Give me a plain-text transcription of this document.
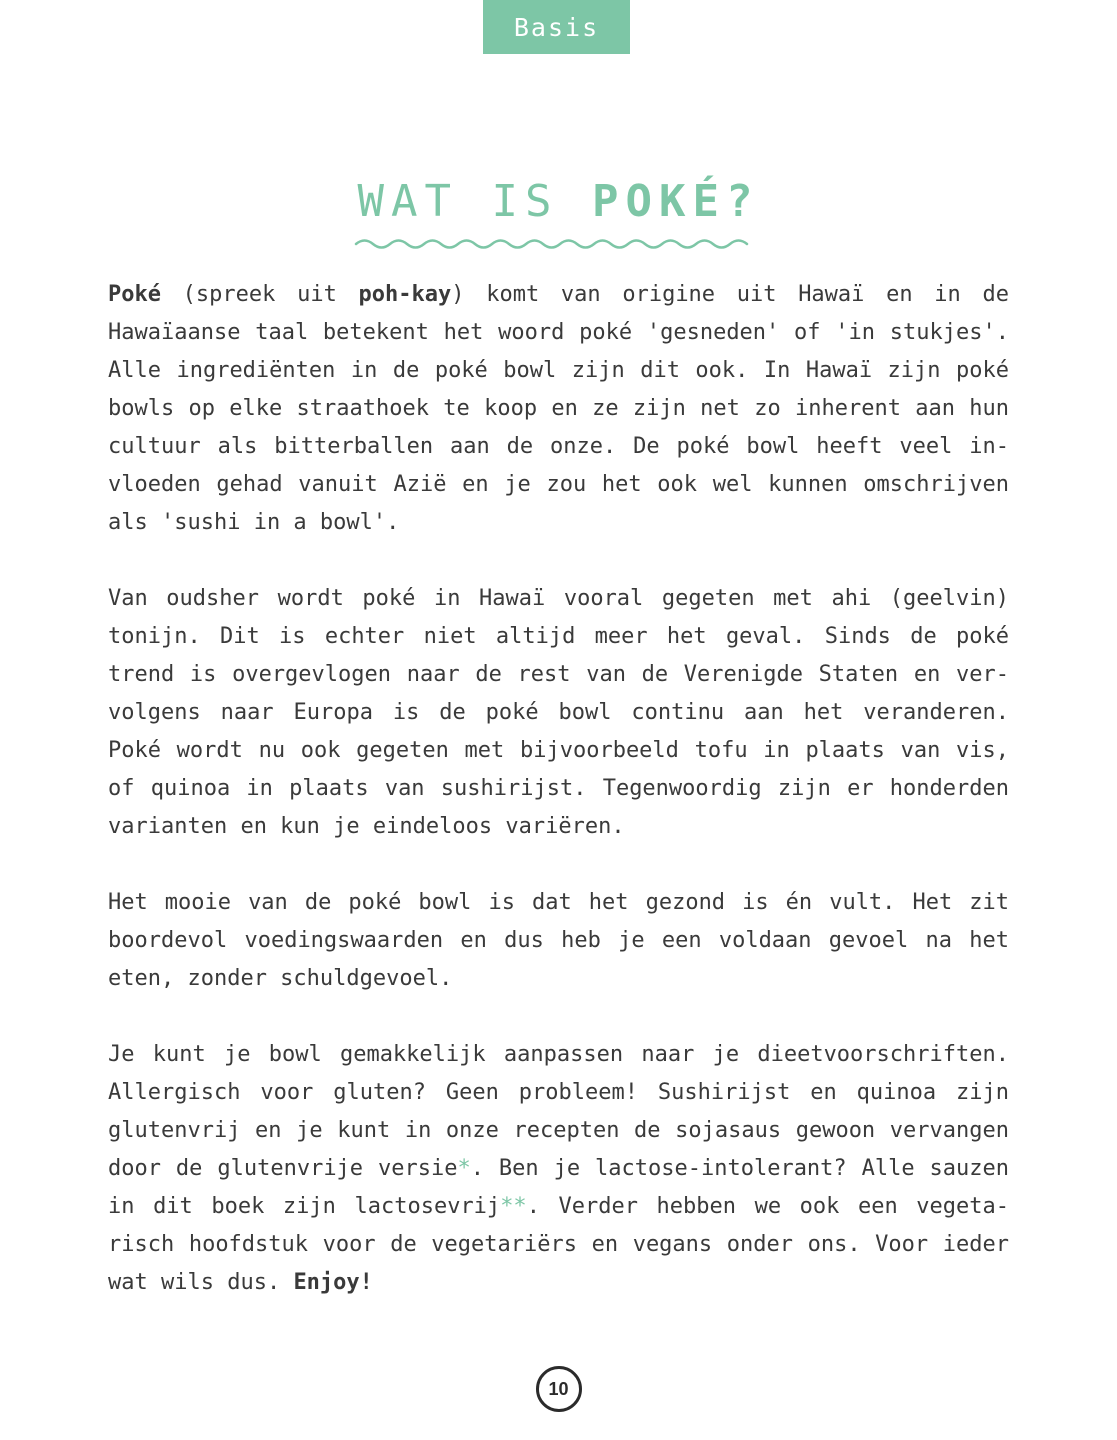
Basis
WAT IS POKÉ?
Poké (spreek uit poh-kay) komt van origine uit Hawaï en in de
Hawaïaanse taal betekent het woord poké 'gesneden' of 'in stukjes'.
Alle ingrediënten in de poké bowl zijn dit ook. In Hawaï zijn poké
bowls op elke straathoek te koop en ze zijn net zo inherent aan hun
cultuur als bitterballen aan de onze. De poké bowl heeft veel in-
vloeden gehad vanuit Azië en je zou het ook wel kunnen omschrijven
als 'sushi in a bowl'.
Van oudsher wordt poké in Hawaï vooral gegeten met ahi (geelvin)
tonijn. Dit is echter niet altijd meer het geval. Sinds de poké
trend is overgevlogen naar de rest van de Verenigde Staten en ver-
volgens naar Europa is de poké bowl continu aan het veranderen.
Poké wordt nu ook gegeten met bijvoorbeeld tofu in plaats van vis,
of quinoa in plaats van sushirijst. Tegenwoordig zijn er honderden
varianten en kun je eindeloos variëren.
Het mooie van de poké bowl is dat het gezond is én vult. Het zit
boordevol voedingswaarden en dus heb je een voldaan gevoel na het
eten, zonder schuldgevoel.
Je kunt je bowl gemakkelijk aanpassen naar je dieetvoorschriften.
Allergisch voor gluten? Geen probleem! Sushirijst en quinoa zijn
glutenvrij en je kunt in onze recepten de sojasaus gewoon vervangen
door de glutenvrije versie*. Ben je lactose-intolerant? Alle sauzen
in dit boek zijn lactosevrij**. Verder hebben we ook een vegeta-
risch hoofdstuk voor de vegetariërs en vegans onder ons. Voor ieder
wat wils dus. Enjoy!
10
